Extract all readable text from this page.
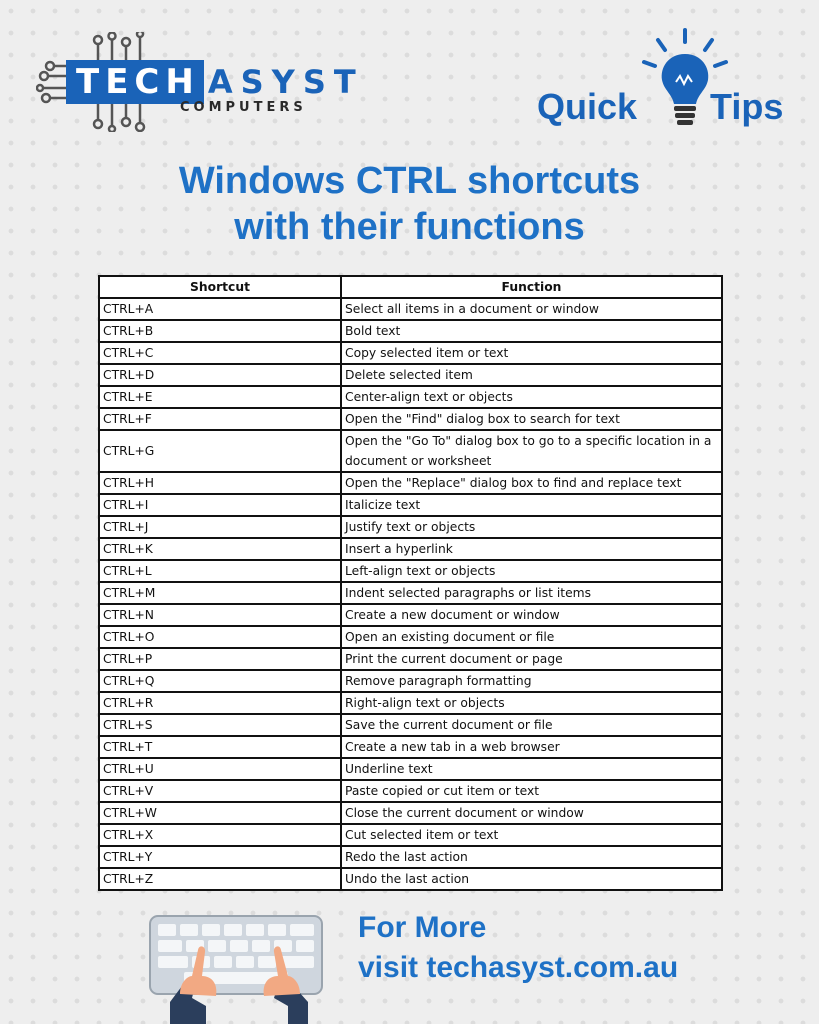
TECH ASYST
COMPUTERS	Quick Tips
Windows CTRL shortcuts
with their functions
Shortcut	Function
CTRL+A	Select all items in a document or window
CTRL+B	Bold text
CTRL+C	Copy selected item or text
CTRL+D	Delete selected item
CTRL+E	Center-align text or objects
CTRL+F	Open the "Find" dialog box to search for text
CTRL+G	Open the "Go To" dialog box to go to a specific location in a document or worksheet
CTRL+H	Open the "Replace" dialog box to find and replace text
CTRL+I	Italicize text
CTRL+J	Justify text or objects
CTRL+K	Insert a hyperlink
CTRL+L	Left-align text or objects
CTRL+M	Indent selected paragraphs or list items
CTRL+N	Create a new document or window
CTRL+O	Open an existing document or file
CTRL+P	Print the current document or page
CTRL+Q	Remove paragraph formatting
CTRL+R	Right-align text or objects
CTRL+S	Save the current document or file
CTRL+T	Create a new tab in a web browser
CTRL+U	Underline text
CTRL+V	Paste copied or cut item or text
CTRL+W	Close the current document or window
CTRL+X	Cut selected item or text
CTRL+Y	Redo the last action
CTRL+Z	Undo the last action
For More
visit techasyst.com.au
